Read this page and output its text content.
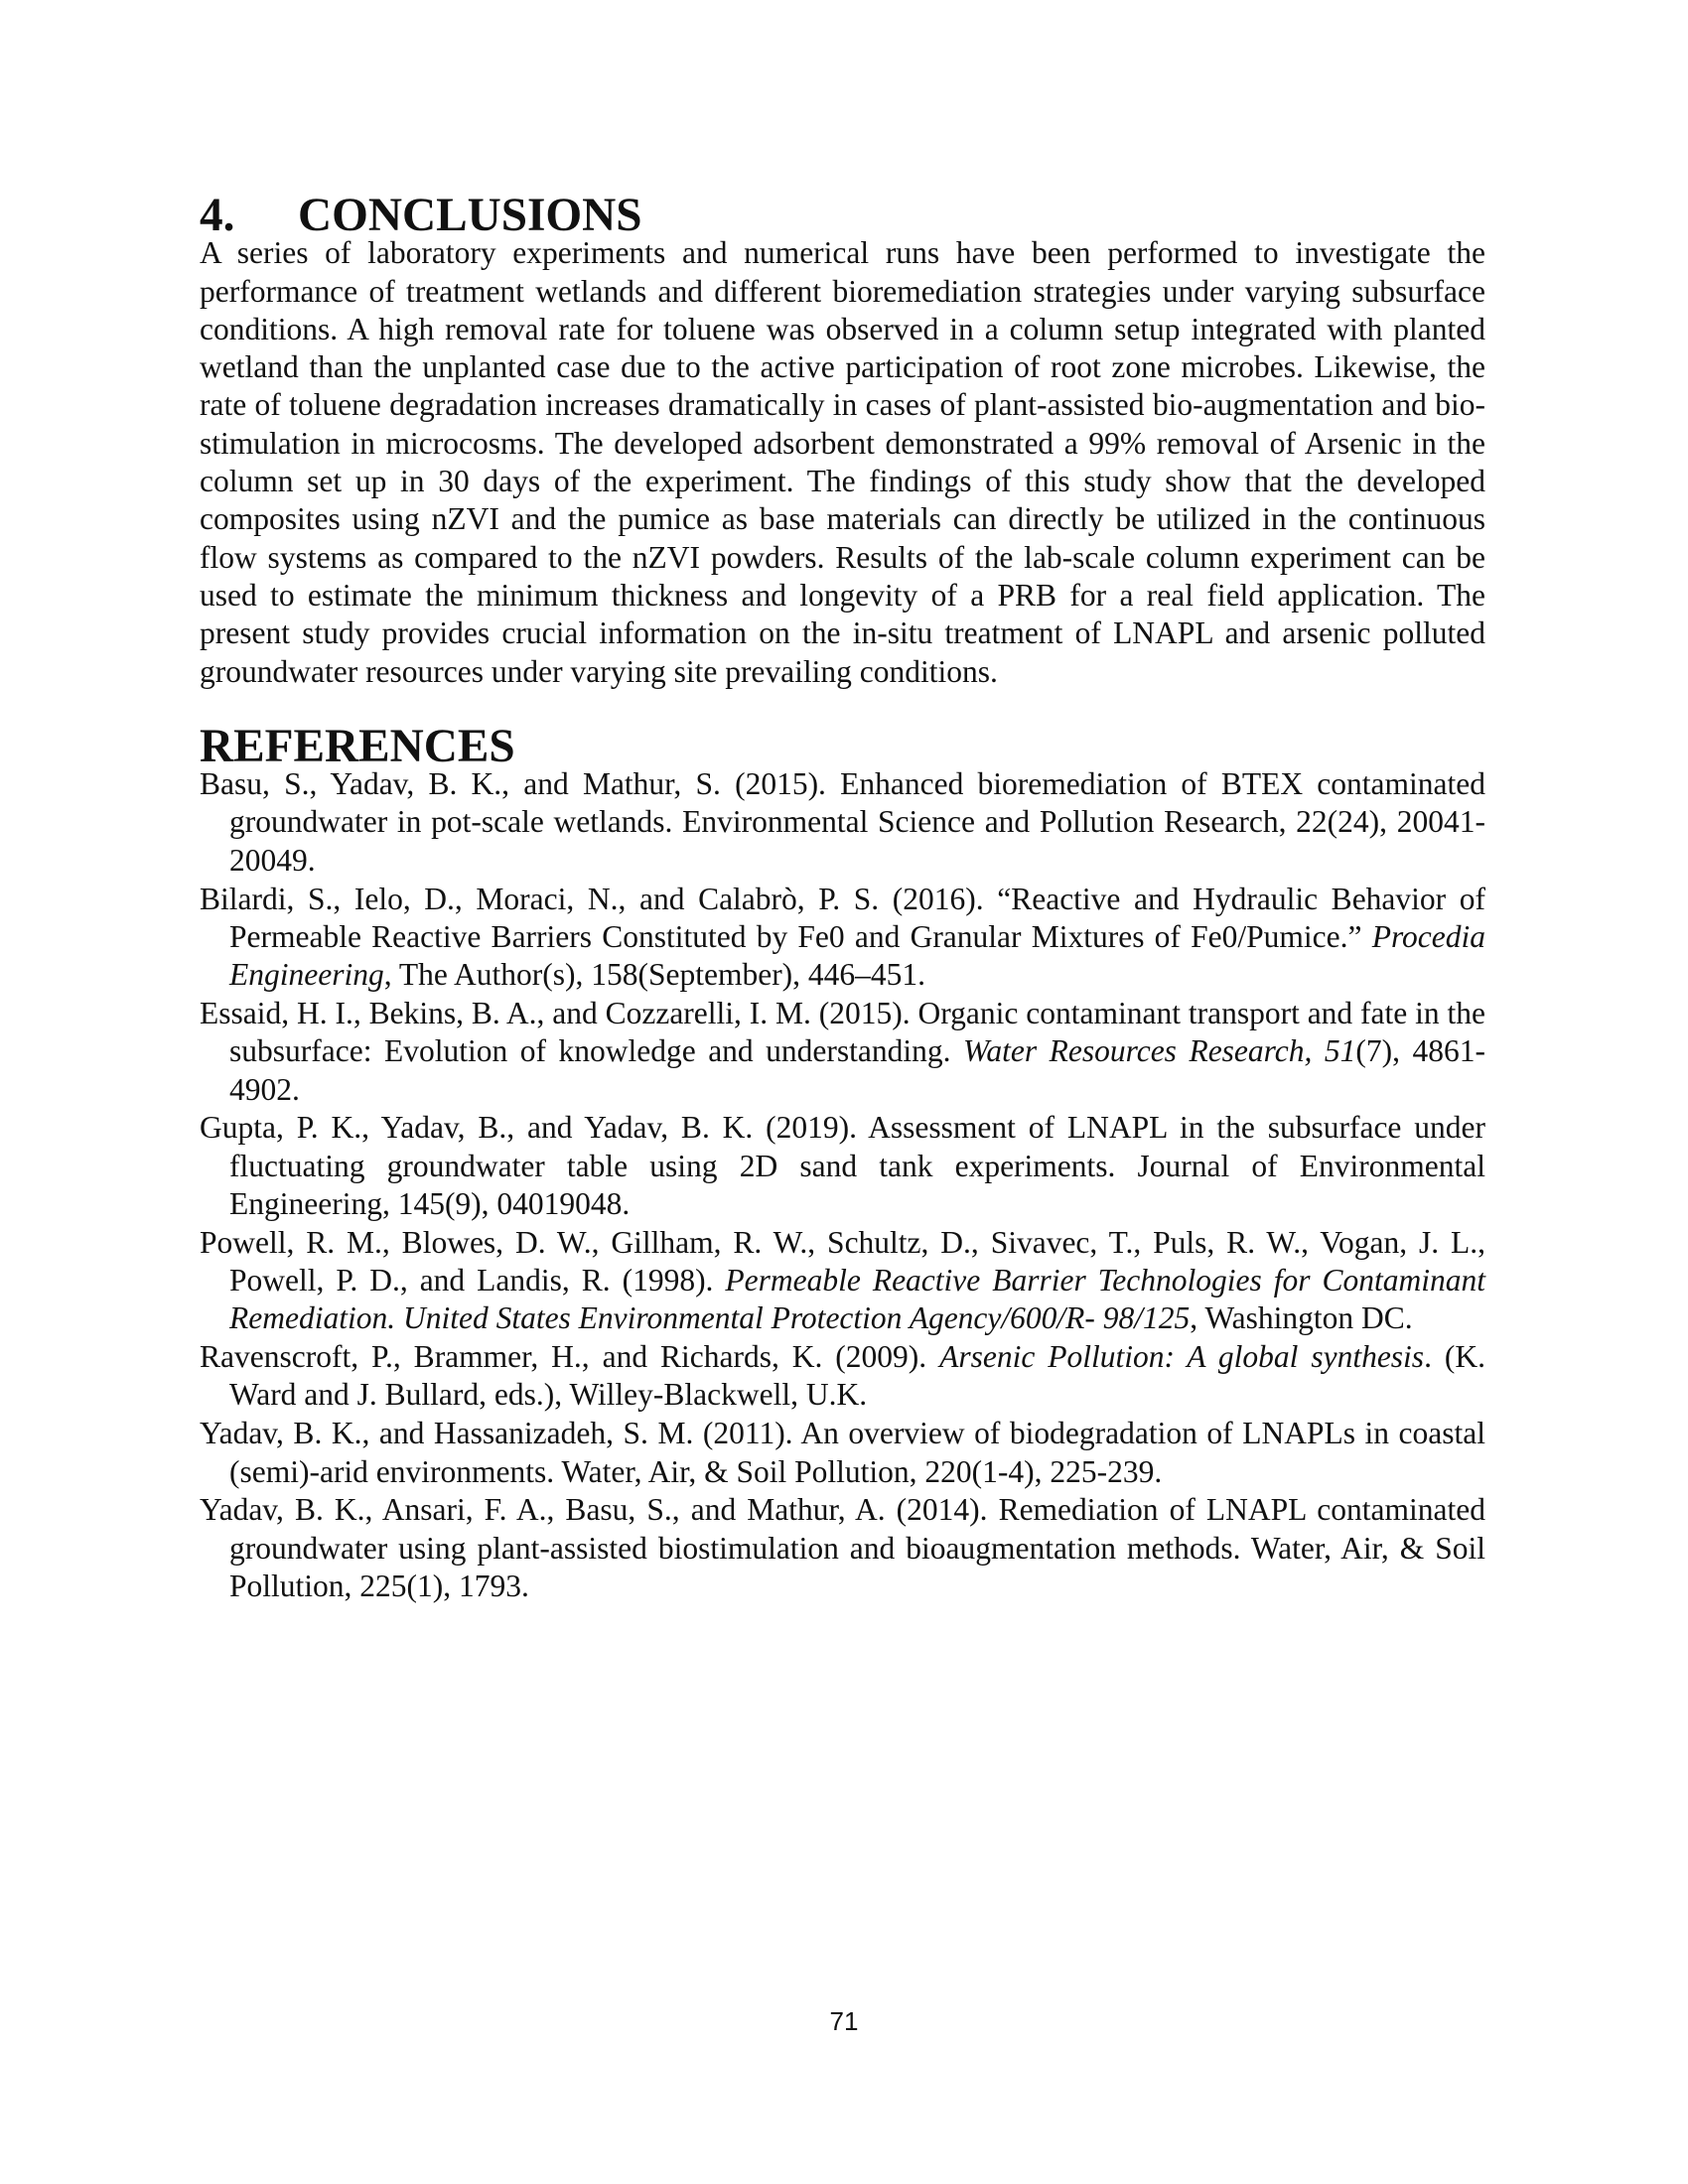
4.	CONCLUSIONS

A series of laboratory experiments and numerical runs have been performed to investigate the performance of treatment wetlands and different bioremediation strategies under varying subsurface conditions. A high removal rate for toluene was observed in a column setup integrated with planted wetland than the unplanted case due to the active participation of root zone microbes. Likewise, the rate of toluene degradation increases dramatically in cases of plant-assisted bio-augmentation and bio-stimulation in microcosms. The developed adsorbent demonstrated a 99% removal of Arsenic in the column set up in 30 days of the experiment. The findings of this study show that the developed composites using nZVI and the pumice as base materials can directly be utilized in the continuous flow systems as compared to the nZVI powders. Results of the lab-scale column experiment can be used to estimate the minimum thickness and longevity of a PRB for a real field application. The present study provides crucial information on the in-situ treatment of LNAPL and arsenic polluted groundwater resources under varying site prevailing conditions.

REFERENCES
Basu, S., Yadav, B. K., and Mathur, S. (2015). Enhanced bioremediation of BTEX contaminated groundwater in pot-scale wetlands. Environmental Science and Pollution Research, 22(24), 20041-20049.
Bilardi, S., Ielo, D., Moraci, N., and Calabrò, P. S. (2016). “Reactive and Hydraulic Behavior of Permeable Reactive Barriers Constituted by Fe0 and Granular Mixtures of Fe0/Pumice.” Procedia Engineering, The Author(s), 158(September), 446–451.
Essaid, H. I., Bekins, B. A., and Cozzarelli, I. M. (2015). Organic contaminant transport and fate in the subsurface: Evolution of knowledge and understanding. Water Resources Research, 51(7), 4861-4902.
Gupta, P. K., Yadav, B., and Yadav, B. K. (2019). Assessment of LNAPL in the subsurface under fluctuating groundwater table using 2D sand tank experiments. Journal of Environmental Engineering, 145(9), 04019048.
Powell, R. M., Blowes, D. W., Gillham, R. W., Schultz, D., Sivavec, T., Puls, R. W., Vogan, J. L., Powell, P. D., and Landis, R. (1998). Permeable Reactive Barrier Technologies for Contaminant Remediation. United States Environmental Protection Agency/600/R- 98/125, Washington DC.
Ravenscroft, P., Brammer, H., and Richards, K. (2009). Arsenic Pollution: A global synthesis. (K. Ward and J. Bullard, eds.), Willey-Blackwell, U.K.
Yadav, B. K., and Hassanizadeh, S. M. (2011). An overview of biodegradation of LNAPLs in coastal (semi)-arid environments. Water, Air, & Soil Pollution, 220(1-4), 225-239.
Yadav, B. K., Ansari, F. A., Basu, S., and Mathur, A. (2014). Remediation of LNAPL contaminated groundwater using plant-assisted biostimulation and bioaugmentation methods. Water, Air, & Soil Pollution, 225(1), 1793.
71
